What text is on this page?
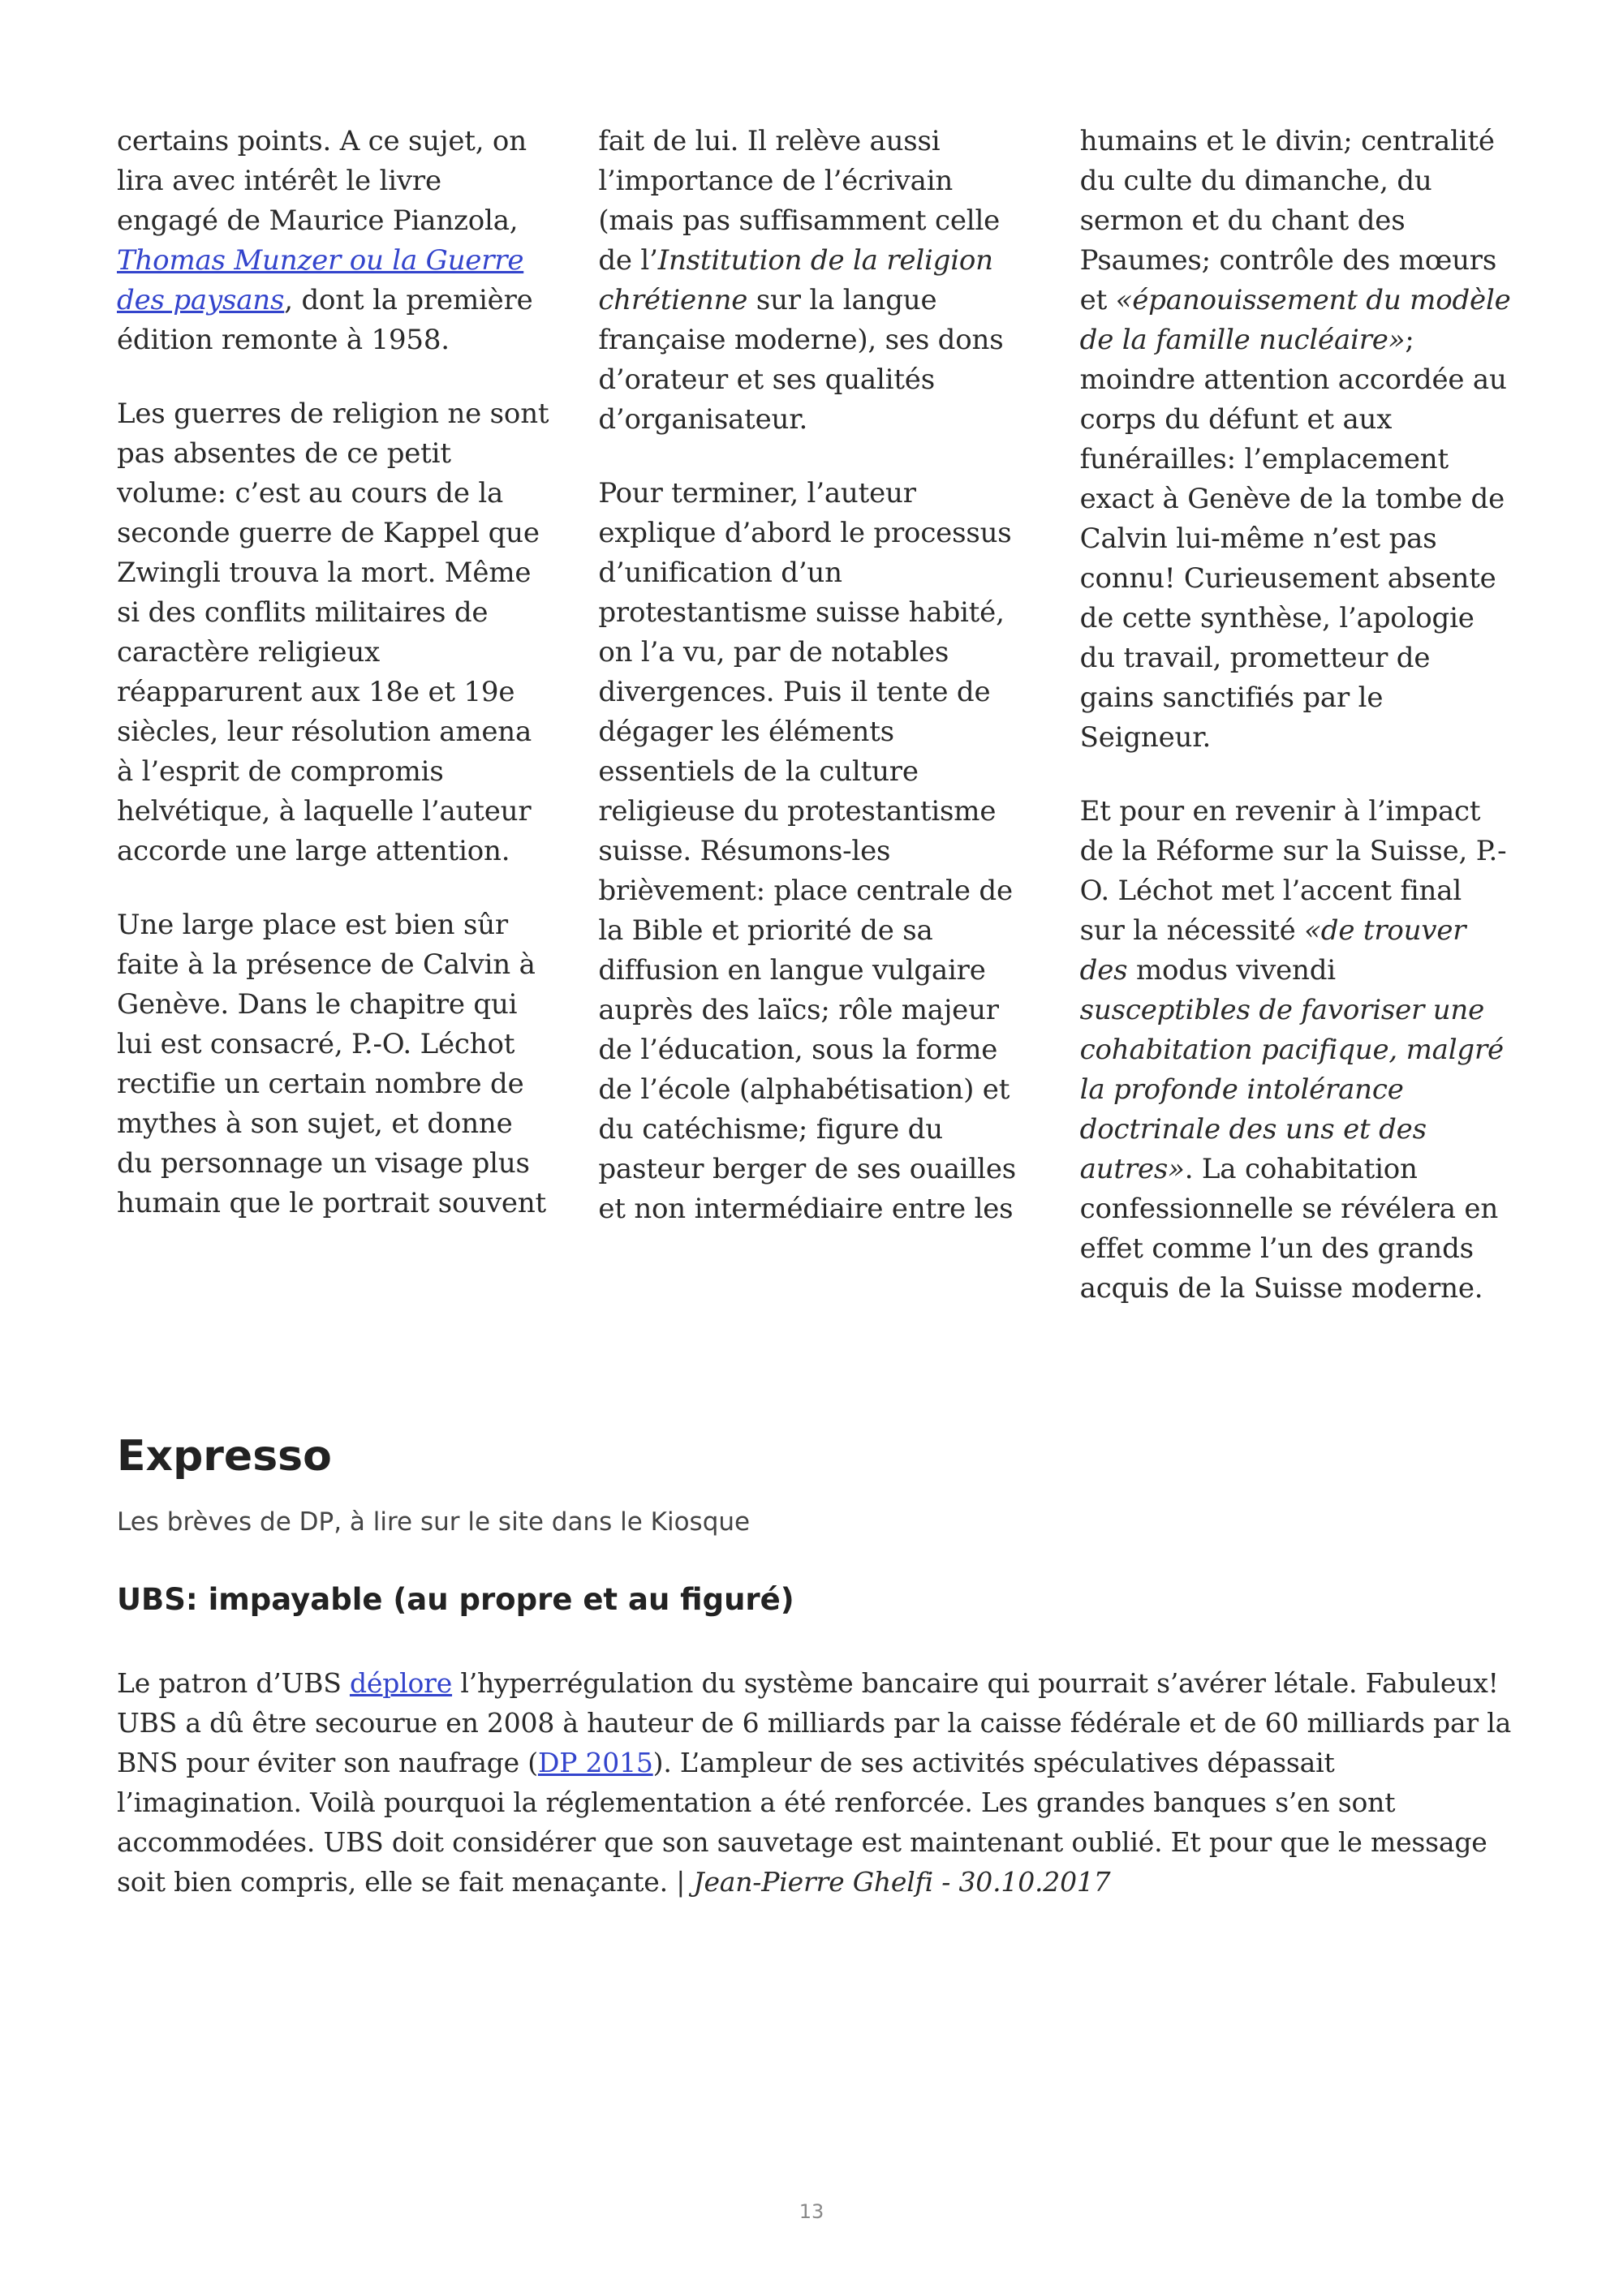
certains points. A ce sujet, on lira avec intérêt le livre engagé de Maurice Pianzola, Thomas Munzer ou la Guerre des paysans, dont la première édition remonte à 1958.

Les guerres de religion ne sont pas absentes de ce petit volume: c’est au cours de la seconde guerre de Kappel que Zwingli trouva la mort. Même si des conflits militaires de caractère religieux réapparurent aux 18e et 19e siècles, leur résolution amena à l’esprit de compromis helvétique, à laquelle l’auteur accorde une large attention.

Une large place est bien sûr faite à la présence de Calvin à Genève. Dans le chapitre qui lui est consacré, P.-O. Léchot rectifie un certain nombre de mythes à son sujet, et donne du personnage un visage plus humain que le portrait souvent

fait de lui. Il relève aussi l’importance de l’écrivain (mais pas suffisamment celle de l’Institution de la religion chrétienne sur la langue française moderne), ses dons d’orateur et ses qualités d’organisateur.

Pour terminer, l’auteur explique d’abord le processus d’unification d’un protestantisme suisse habité, on l’a vu, par de notables divergences. Puis il tente de dégager les éléments essentiels de la culture religieuse du protestantisme suisse. Résumons-les brièvement: place centrale de la Bible et priorité de sa diffusion en langue vulgaire auprès des laïcs; rôle majeur de l’éducation, sous la forme de l’école (alphabétisation) et du catéchisme; figure du pasteur berger de ses ouailles et non intermédiaire entre les

humains et le divin; centralité du culte du dimanche, du sermon et du chant des Psaumes; contrôle des mœurs et «épanouissement du modèle de la famille nucléaire»; moindre attention accordée au corps du défunt et aux funérailles: l’emplacement exact à Genève de la tombe de Calvin lui-même n’est pas connu! Curieusement absente de cette synthèse, l’apologie du travail, prometteur de gains sanctifiés par le Seigneur.

Et pour en revenir à l’impact de la Réforme sur la Suisse, P.-O. Léchot met l’accent final sur la nécessité «de trouver des modus vivendi susceptibles de favoriser une cohabitation pacifique, malgré la profonde intolérance doctrinale des uns et des autres». La cohabitation confessionnelle se révélera en effet comme l’un des grands acquis de la Suisse moderne.

Expresso

Les brèves de DP, à lire sur le site dans le Kiosque

UBS: impayable (au propre et au figuré)

Le patron d’UBS déplore l’hyperrégulation du système bancaire qui pourrait s’avérer létale. Fabuleux! UBS a dû être secourue en 2008 à hauteur de 6 milliards par la caisse fédérale et de 60 milliards par la BNS pour éviter son naufrage (DP 2015). L’ampleur de ses activités spéculatives dépassait l’imagination. Voilà pourquoi la réglementation a été renforcée. Les grandes banques s’en sont accommodées. UBS doit considérer que son sauvetage est maintenant oublié. Et pour que le message soit bien compris, elle se fait menaçante. | Jean-Pierre Ghelfi - 30.10.2017

13
